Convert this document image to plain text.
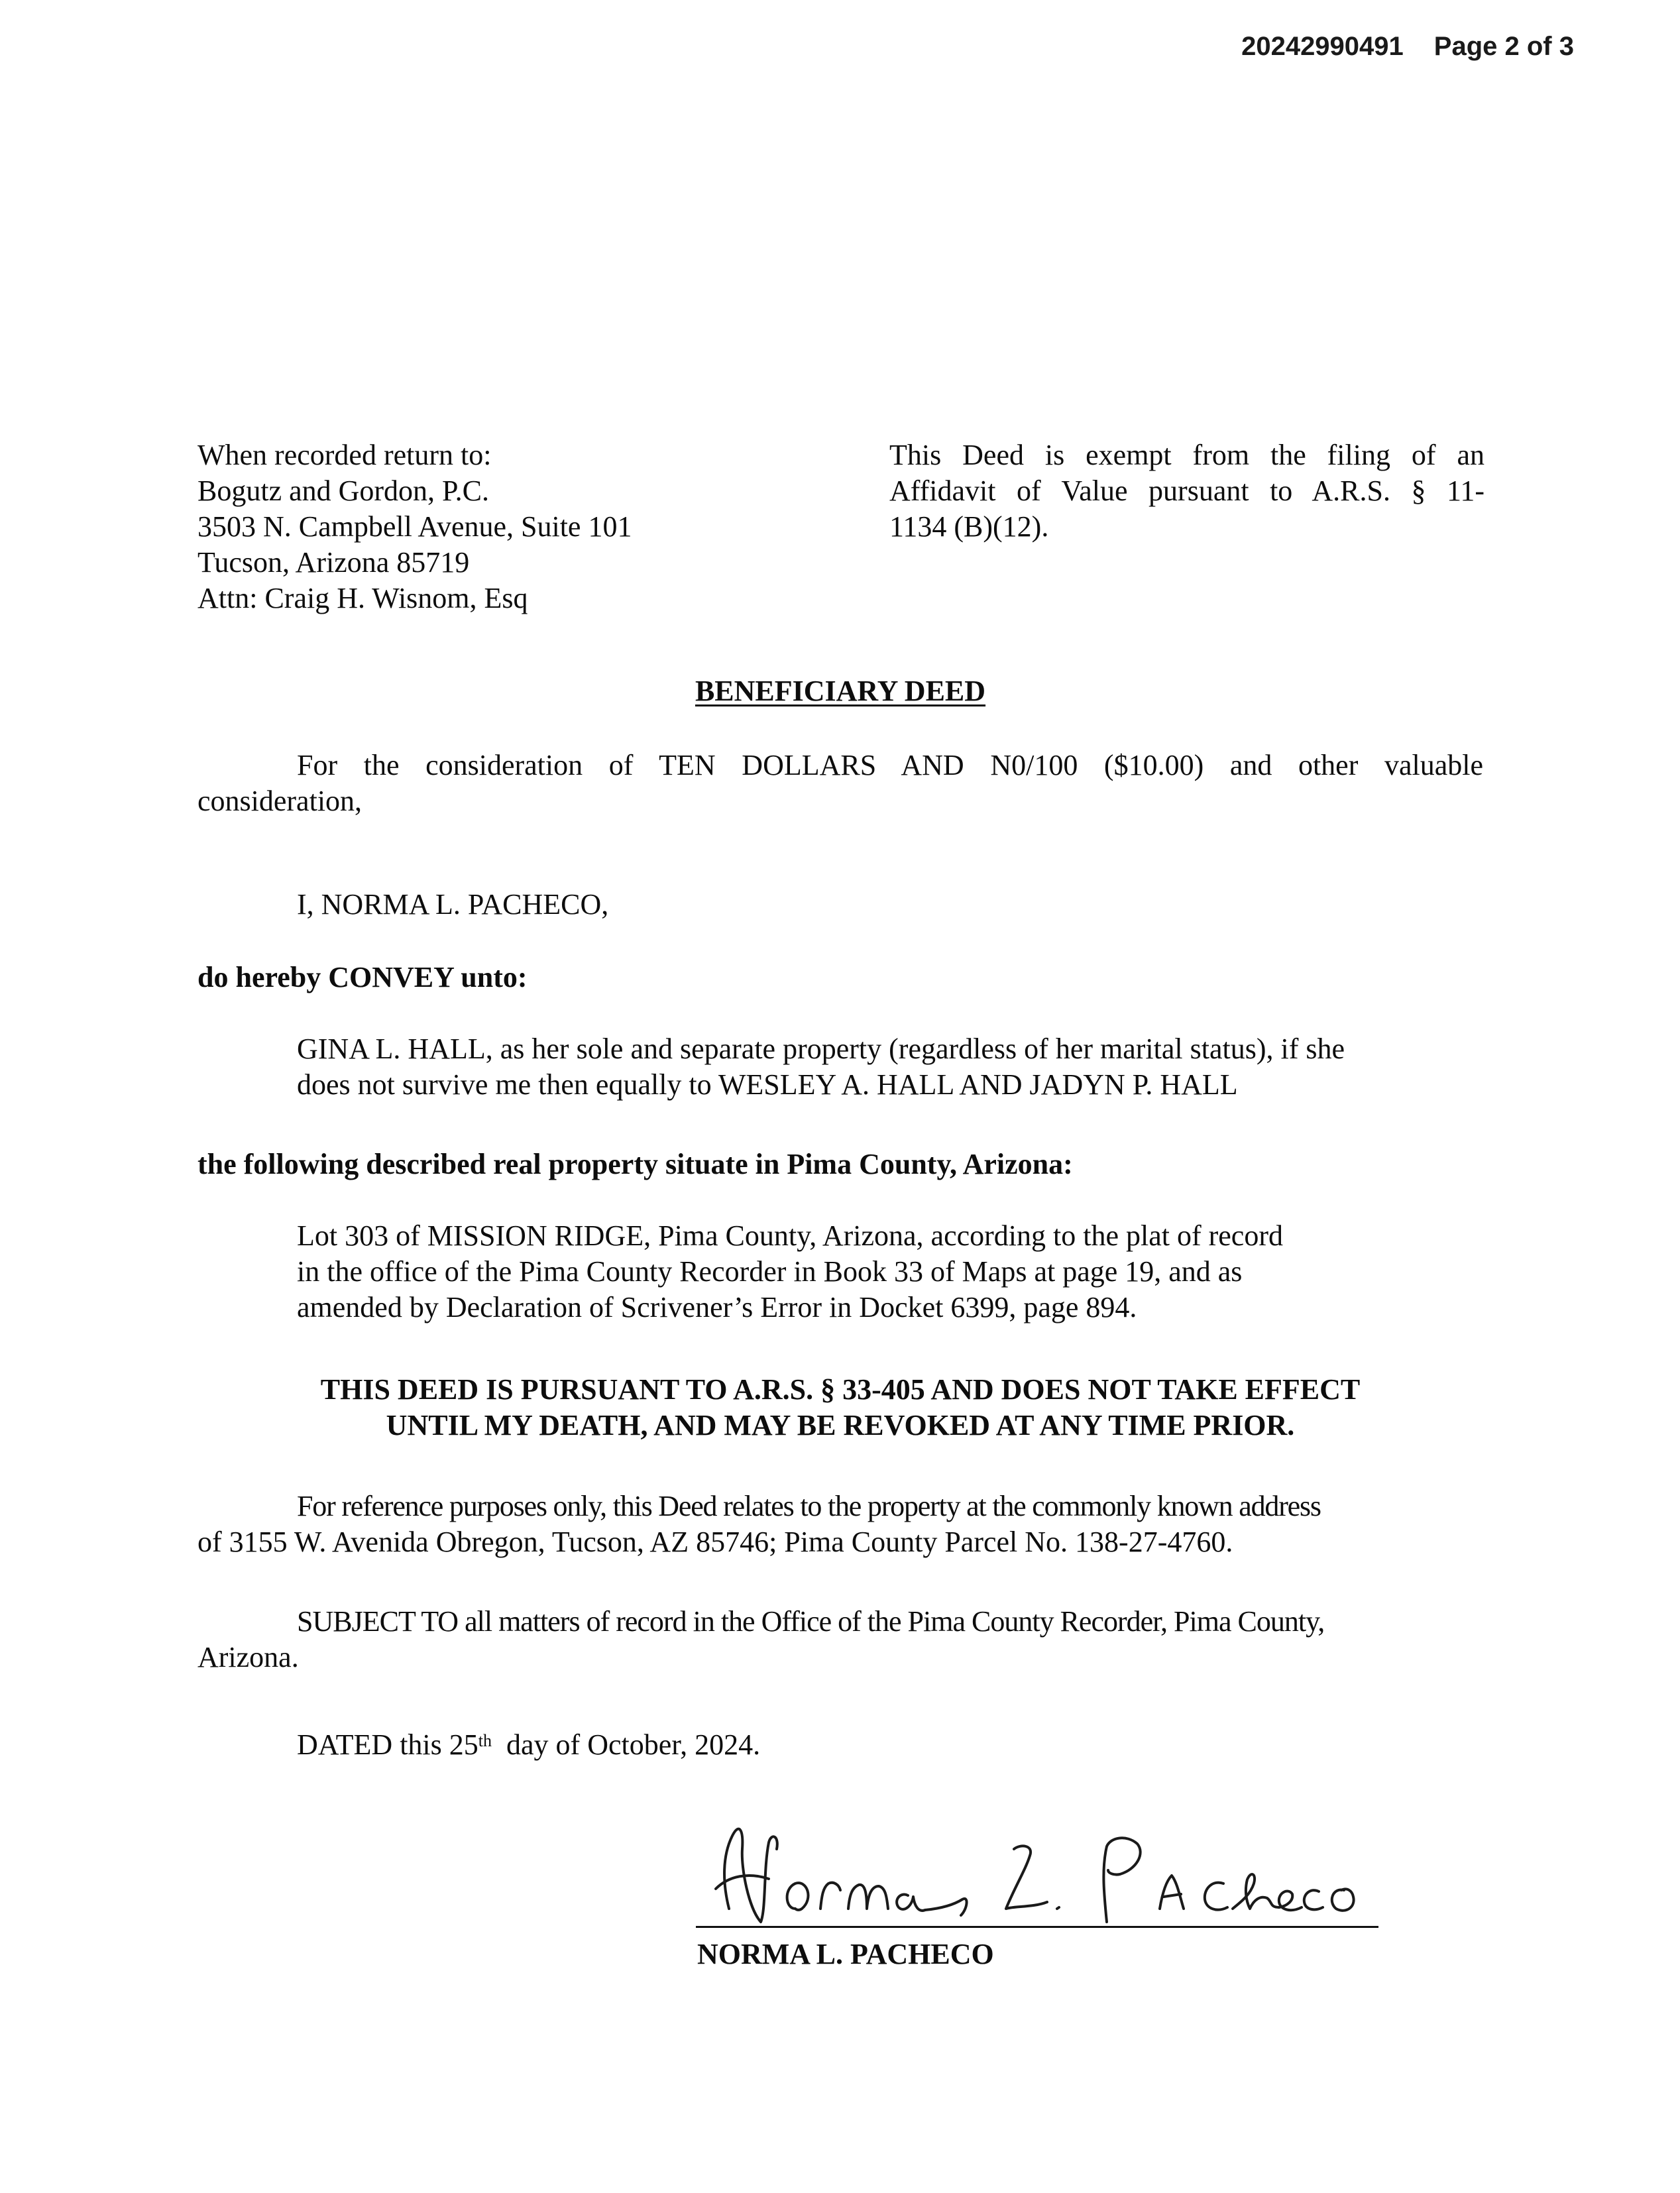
20242990491 Page 2 of 3

When recorded return to:

Bogutz and Gordon, P.C.

3503 N. Campbell Avenue, Suite 101

Tucson, Arizona 85719

Attn: Craig H. Wisnom, Esq

This Deed is exempt from the filing of an

Affidavit of Value pursuant to A.R.S. § 11-

1134 (B)(12).

BENEFICIARY DEED

For the consideration of TEN DOLLARS AND N0/100 ($10.00) and other valuable

consideration,

I, NORMA L. PACHECO,
do hereby CONVEY unto:

GINA L. HALL, as her sole and separate property (regardless of her marital status), if she

does not survive me then equally to WESLEY A. HALL AND JADYN P. HALL

the following described real property situate in Pima County, Arizona:

Lot 303 of MISSION RIDGE, Pima County, Arizona, according to the plat of record

in the office of the Pima County Recorder in Book 33 of Maps at page 19, and as

amended by Declaration of Scrivener’s Error in Docket 6399, page 894.

THIS DEED IS PURSUANT TO A.R.S. § 33-405 AND DOES NOT TAKE EFFECT

UNTIL MY DEATH, AND MAY BE REVOKED AT ANY TIME PRIOR.

For reference purposes only, this Deed relates to the property at the commonly known address

of 3155 W. Avenida Obregon, Tucson, AZ 85746; Pima County Parcel No. 138-27-4760.

SUBJECT TO all matters of record in the Office of the Pima County Recorder, Pima County,

Arizona.

DATED this 25th day of October, 2024.
NORMA L. PACHECO
